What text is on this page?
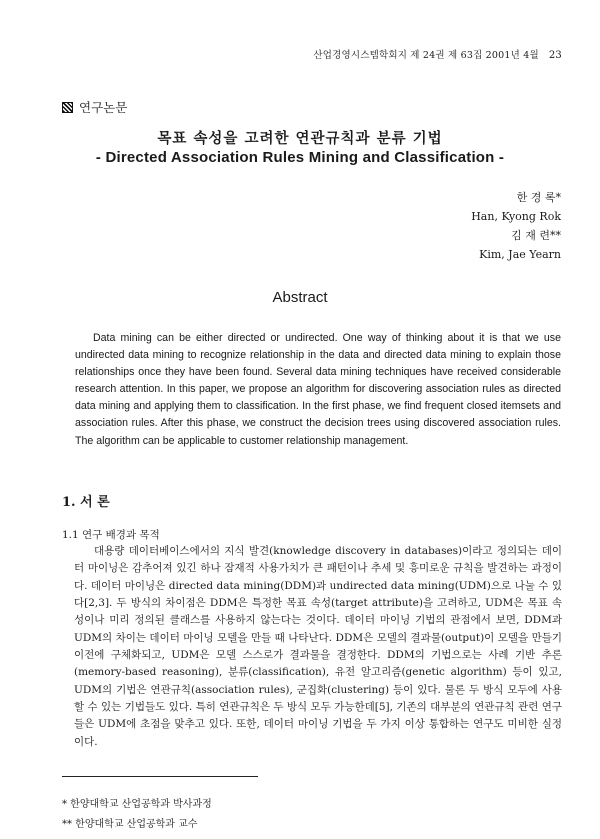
산업경영시스템학회지 제 24권 제 63집 2001년 4월 23
연구논문
목표 속성을 고려한 연관규칙과 분류 기법
- Directed Association Rules Mining and Classification -
한 경 록*
Han, Kyong Rok
김 재 련**
Kim, Jae Yearn
Abstract
Data mining can be either directed or undirected. One way of thinking about it is that we use undirected data mining to recognize relationship in the data and directed data mining to explain those relationships once they have been found. Several data mining techniques have received considerable research attention. In this paper, we propose an algorithm for discovering association rules as directed data mining and applying them to classification. In the first phase, we find frequent closed itemsets and association rules. After this phase, we construct the decision trees using discovered association rules. The algorithm can be applicable to customer relationship management.
1. 서 론
1.1 연구 배경과 목적
대용량 데이터베이스에서의 지식 발견(knowledge discovery in databases)이라고 정의되는 데이터 마이닝은 감추어져 있긴 하나 잠재적 사용가치가 큰 패턴이나 추세 및 흥미로운 규칙을 발견하는 과정이다. 데이터 마이닝은 directed data mining(DDM)과 undirected data mining(UDM)으로 나눌 수 있다[2,3]. 두 방식의 차이점은 DDM은 특정한 목표 속성(target attribute)을 고려하고, UDM은 목표 속성이나 미리 정의된 클래스를 사용하지 않는다는 것이다. 데이터 마이닝 기법의 관점에서 보면, DDM과 UDM의 차이는 데이터 마이닝 모델을 만들 때 나타난다. DDM은 모델의 결과물(output)이 모델을 만들기 이전에 구체화되고, UDM은 모델 스스로가 결과물을 결정한다. DDM의 기법으로는 사례 기반 추론(memory-based reasoning), 분류(classification), 유전 알고리즘(genetic algorithm) 등이 있고, UDM의 기법은 연관규칙(association rules), 군집화(clustering) 등이 있다. 물론 두 방식 모두에 사용할 수 있는 기법들도 있다. 특히 연관규칙은 두 방식 모두 가능한데[5], 기존의 대부분의 연관규칙 관련 연구들은 UDM에 초점을 맞추고 있다. 또한, 데이터 마이닝 기법을 두 가지 이상 통합하는 연구도 미비한 실정이다.
* 한양대학교 산업공학과 박사과정
** 한양대학교 산업공학과 교수
